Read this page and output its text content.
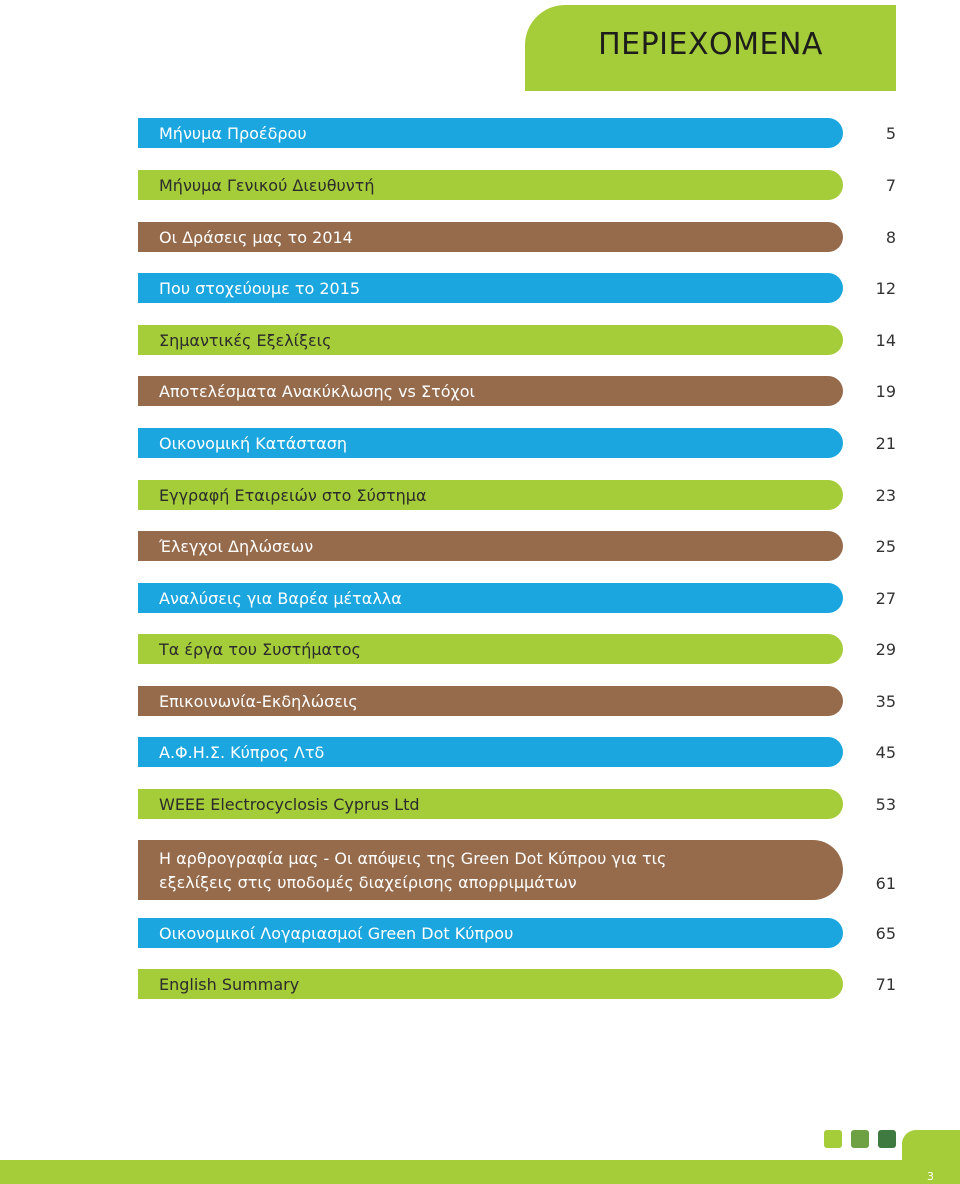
ΠΕΡΙΕΧΟΜΕΝΑ
Μήνυμα Προέδρου	5
Μήνυμα Γενικού Διευθυντή	7
Οι Δράσεις μας το 2014	8
Που στοχεύουμε το 2015	12
Σημαντικές Εξελίξεις	14
Αποτελέσματα Ανακύκλωσης vs Στόχοι	19
Οικονομική Κατάσταση	21
Εγγραφή Εταιρειών στο Σύστημα	23
Έλεγχοι Δηλώσεων	25
Αναλύσεις για Βαρέα μέταλλα	27
Τα έργα του Συστήματος	29
Επικοινωνία-Εκδηλώσεις	35
Α.Φ.Η.Σ. Κύπρος Λτδ	45
WEEE Electrocyclosis Cyprus Ltd	53
Η αρθρογραφία μας - Οι απόψεις της Green Dot Κύπρου για τις
εξελίξεις στις υποδομές διαχείρισης απορριμμάτων	61
Οικονομικοί Λογαριασμοί Green Dot Κύπρου	65
English Summary	71
3
